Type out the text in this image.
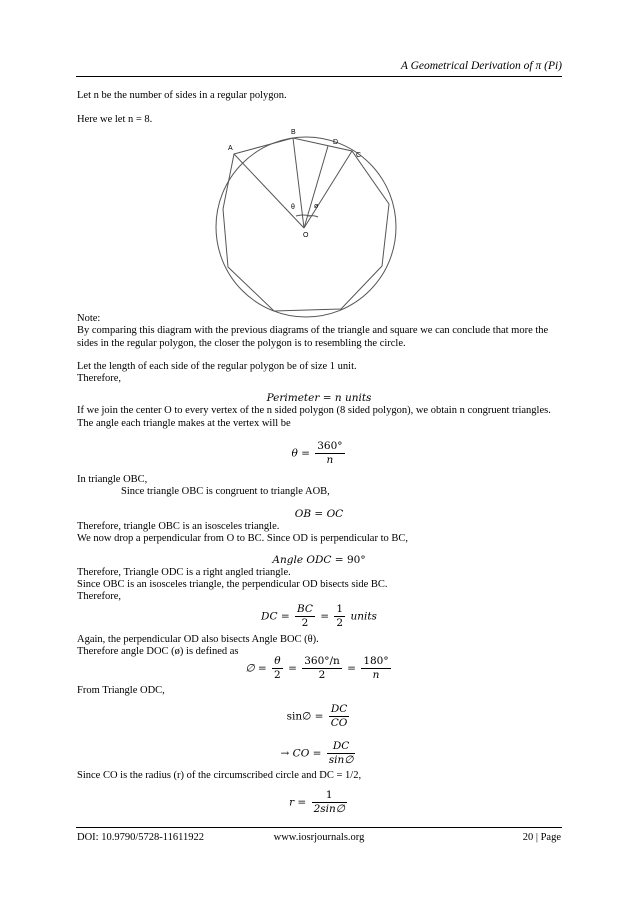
A Geometrical Derivation of π (Pi)
Let n be the number of sides in a regular polygon.
Here we let n = 8.
A
B
D
C
O
θ	ø
Note:
By comparing this diagram with the previous diagrams of the triangle and square we can conclude that more the sides in the regular polygon, the closer the polygon is to resembling the circle.
Let the length of each side of the regular polygon be of size 1 unit.
Therefore,
Perimeter = n units
If we join the center O to every vertex of the n sided polygon (8 sided polygon), we obtain n congruent triangles. The angle each triangle makes at the vertex will be
$\theta = \frac{360^\circ}{n}$
In triangle OBC,
Since triangle OBC is congruent to triangle AOB,
OB = OC
Therefore, triangle OBC is an isosceles triangle.
We now drop a perpendicular from O to BC. Since OD is perpendicular to BC,
Angle ODC = 90°
Therefore, Triangle ODC is a right angled triangle.
Since OBC is an isosceles triangle, the perpendicular OD bisects side BC.
Therefore,
DC = $\frac{BC}{2} = \frac{1}{2}$ units
Again, the perpendicular OD also bisects Angle BOC (θ).
Therefore angle DOC (ø) is defined as
∅ = $\frac{\theta}{2} = \frac{360^\circ/n}{2} = \frac{180^\circ}{n}$
From Triangle ODC,
sin∅ = $\frac{DC}{CO}$
→ CO = $\frac{DC}{\sin\emptyset}$
Since CO is the radius (r) of the circumscribed circle and DC = 1/2,
$r = \frac{1}{2\sin\emptyset}$
DOI: 10.9790/5728-11611922	www.iosrjournals.org	20 | Page
